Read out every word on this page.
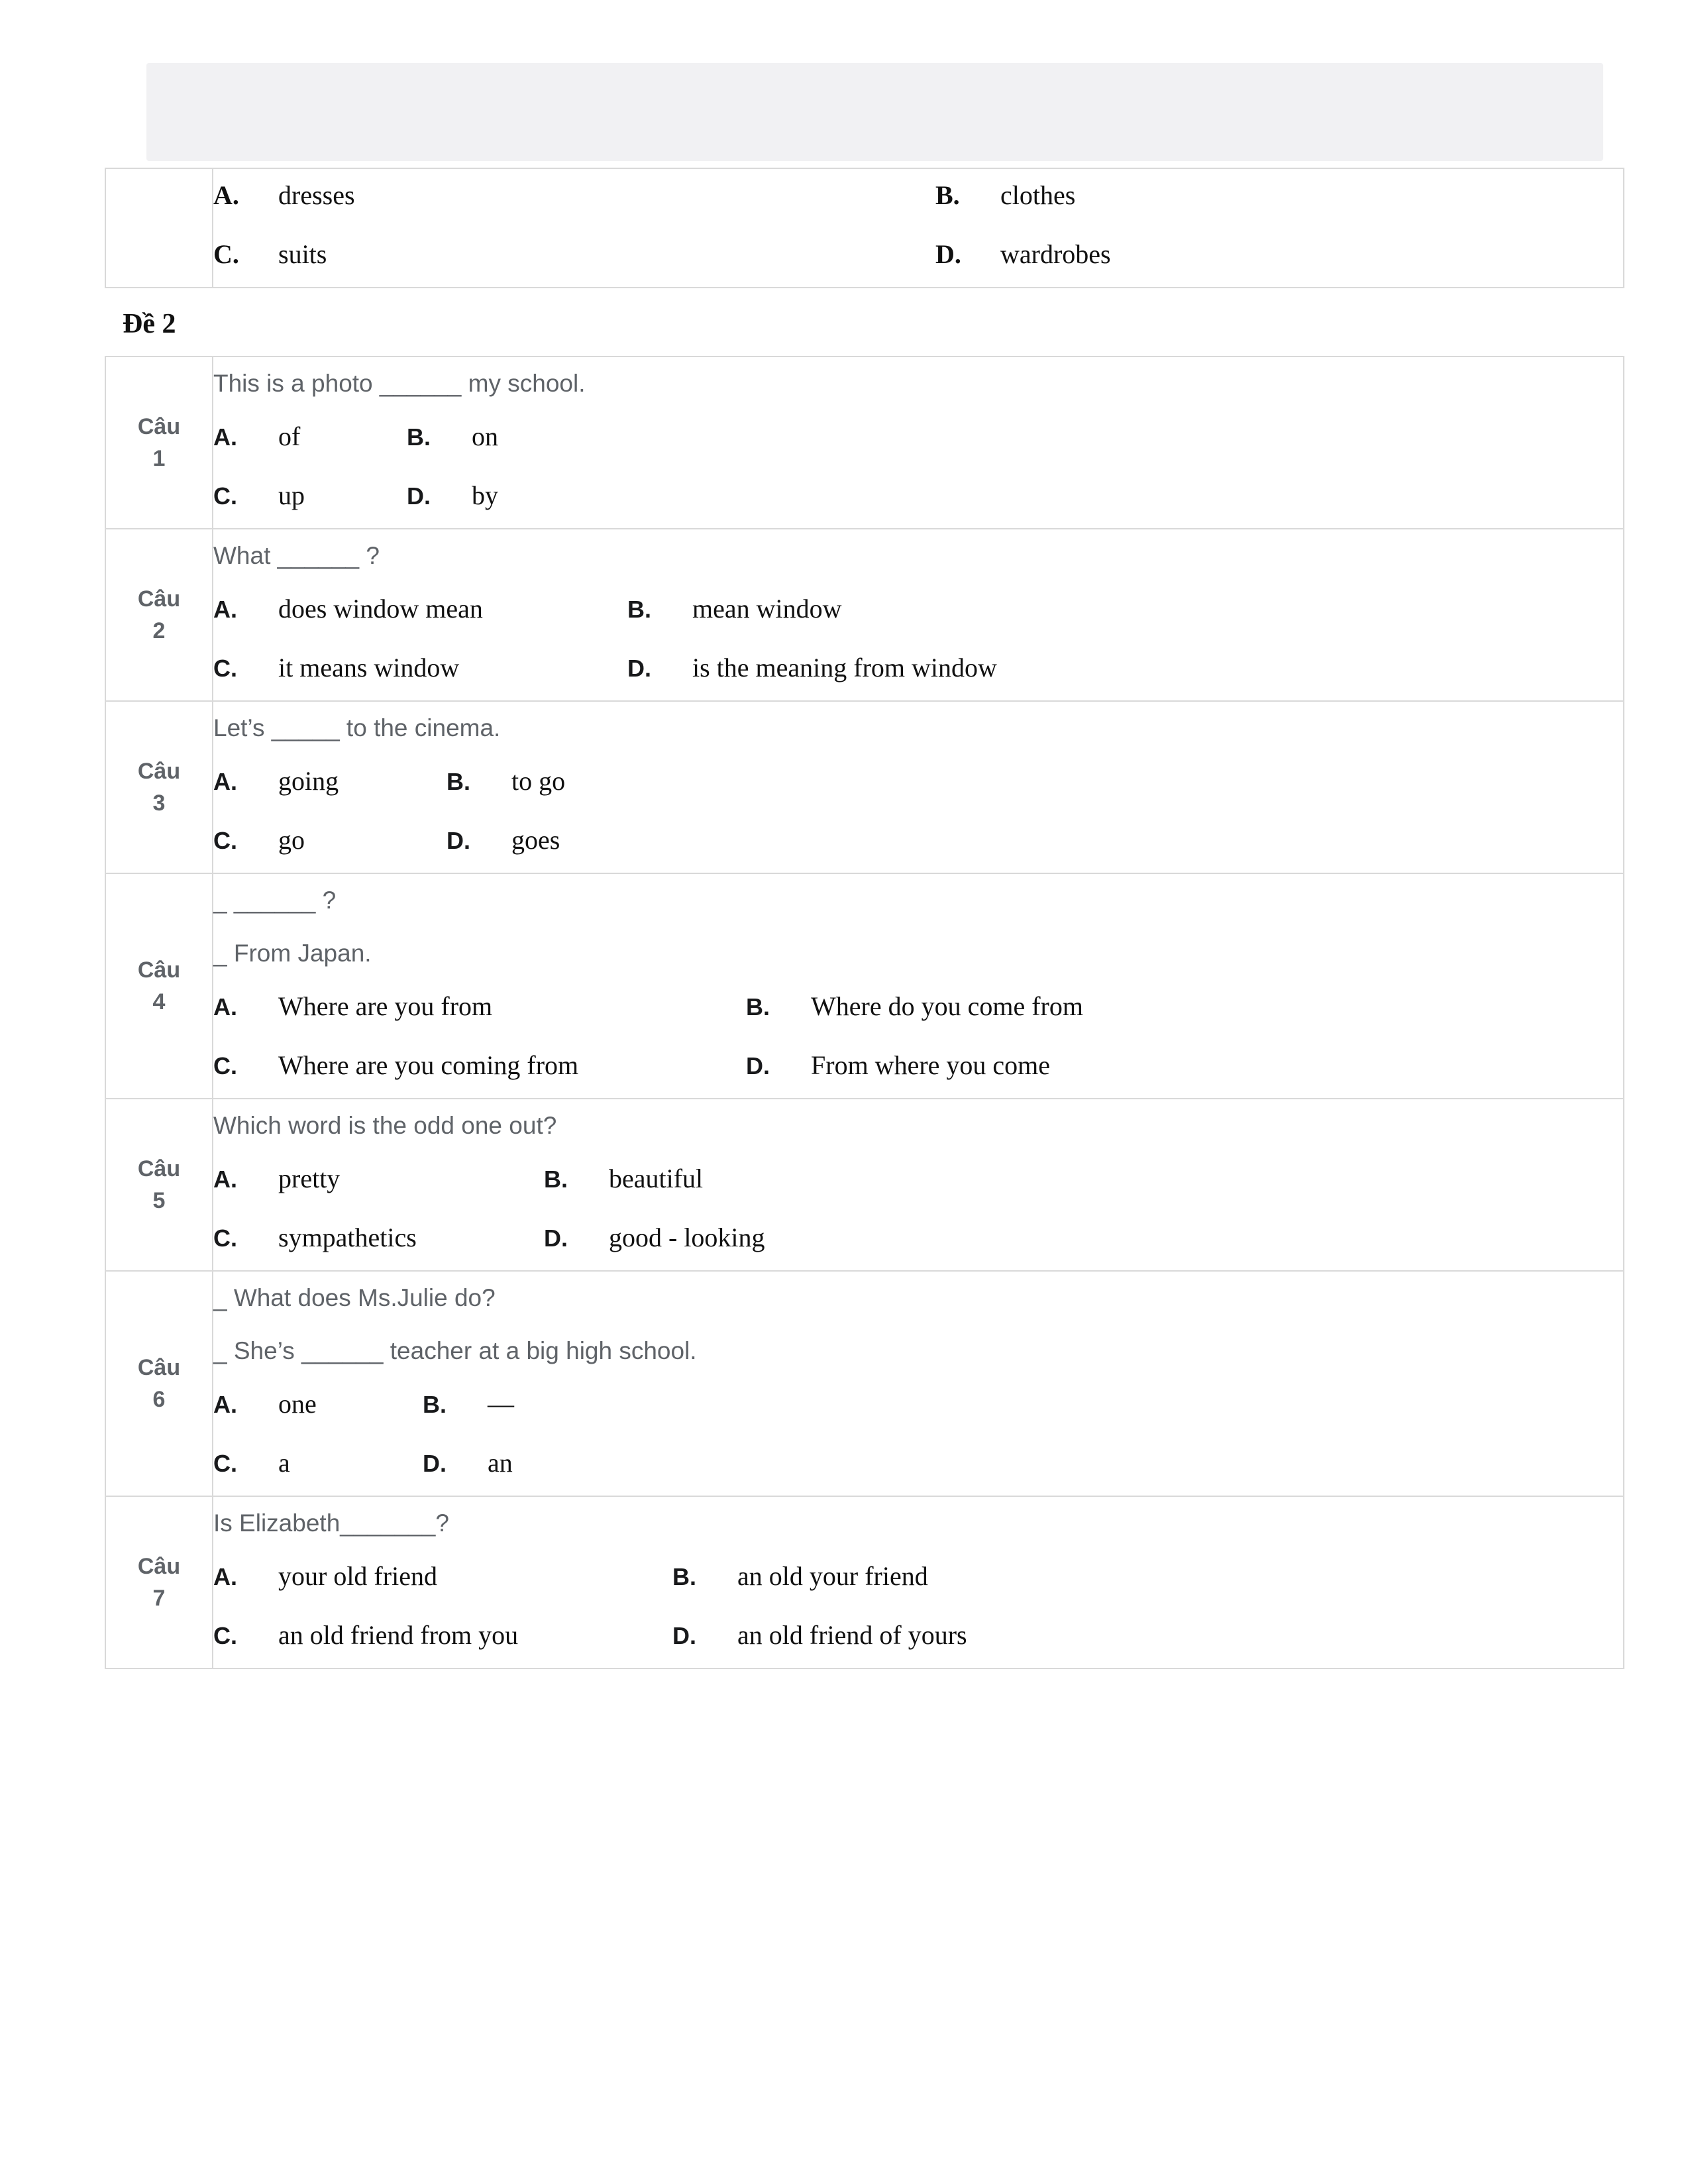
A. dresses	B. clothes
C. suits	D. wardrobes
Đề 2
Câu
1

This is a photo ______ my school.
A. of	B. on
C. up	D. by

Câu
2

What ______ ?
A. does window mean	B. mean window
C. it means window	D. is the meaning from window

Câu
3

Let’s _____ to the cinema.
A. going	B. to go
C. go	D. goes

Câu
4

_ ______ ?
_ From Japan.
A. Where are you from	B. Where do you come from
C. Where are you coming from	D. From where you come

Câu
5

Which word is the odd one out?
A. pretty	B. beautiful
C. sympathetics	D. good - looking

Câu
6

_ What does Ms.Julie do?
_ She’s ______ teacher at a big high school.
A. one	B. —
C. a	D. an

Câu
7

Is Elizabeth_______?
A. your old friend	B. an old your friend
C. an old friend from you	D. an old friend of yours
